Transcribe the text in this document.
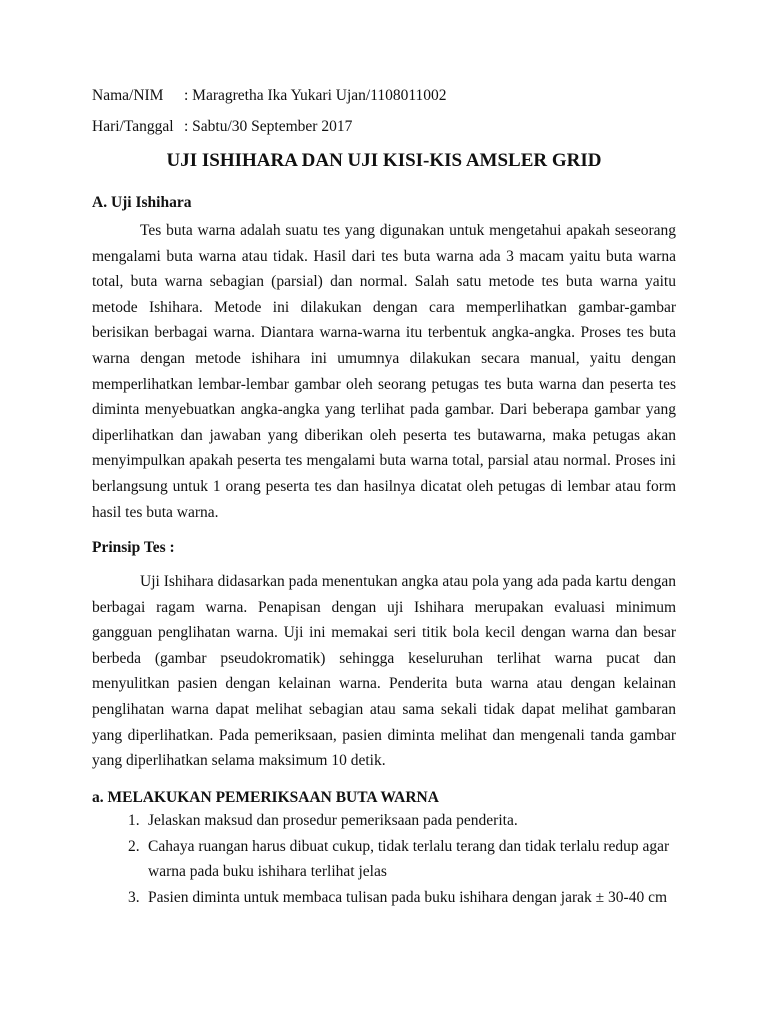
Nama/NIM : Maragretha Ika Yukari Ujan/1108011002
Hari/Tanggal : Sabtu/30 September 2017
UJI ISHIHARA DAN UJI KISI-KIS AMSLER GRID
A. Uji Ishihara

Tes buta warna adalah suatu tes yang digunakan untuk mengetahui apakah seseorang mengalami buta warna atau tidak. Hasil dari tes buta warna ada 3 macam yaitu buta warna total, buta warna sebagian (parsial) dan normal. Salah satu metode tes buta warna yaitu metode Ishihara. Metode ini dilakukan dengan cara memperlihatkan gambar-gambar berisikan berbagai warna. Diantara warna-warna itu terbentuk angka-angka. Proses tes buta warna dengan metode ishihara ini umumnya dilakukan secara manual, yaitu dengan memperlihatkan lembar-lembar gambar oleh seorang petugas tes buta warna dan peserta tes diminta menyebuatkan angka-angka yang terlihat pada gambar. Dari beberapa gambar yang diperlihatkan dan jawaban yang diberikan oleh peserta tes butawarna, maka petugas akan menyimpulkan apakah peserta tes mengalami buta warna total, parsial atau normal. Proses ini berlangsung untuk 1 orang peserta tes dan hasilnya dicatat oleh petugas di lembar atau form hasil tes buta warna.

Prinsip Tes :

Uji Ishihara didasarkan pada menentukan angka atau pola yang ada pada kartu dengan berbagai ragam warna. Penapisan dengan uji Ishihara merupakan evaluasi minimum gangguan penglihatan warna. Uji ini memakai seri titik bola kecil dengan warna dan besar berbeda (gambar pseudokromatik) sehingga keseluruhan terlihat warna pucat dan menyulitkan pasien dengan kelainan warna. Penderita buta warna atau dengan kelainan penglihatan warna dapat melihat sebagian atau sama sekali tidak dapat melihat gambaran yang diperlihatkan. Pada pemeriksaan, pasien diminta melihat dan mengenali tanda gambar yang diperlihatkan selama maksimum 10 detik.

a. MELAKUKAN PEMERIKSAAN BUTA WARNA
1. Jelaskan maksud dan prosedur pemeriksaan pada penderita.
2. Cahaya ruangan harus dibuat cukup, tidak terlalu terang dan tidak terlalu redup agar warna pada buku ishihara terlihat jelas
3. Pasien diminta untuk membaca tulisan pada buku ishihara dengan jarak ± 30-40 cm
